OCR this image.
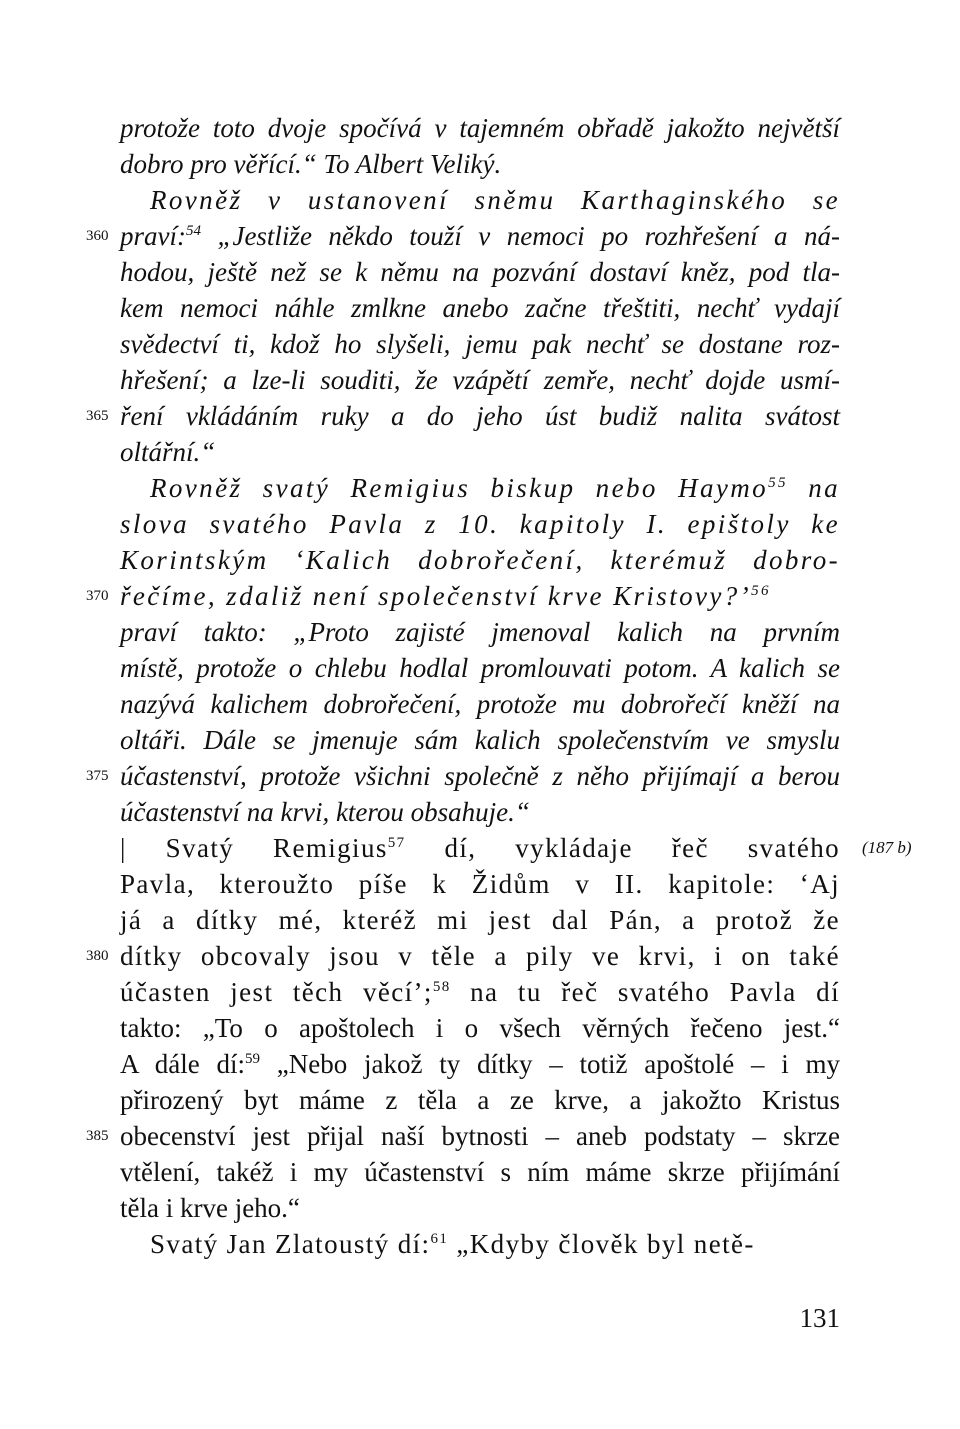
protože toto dvoje spočívá v tajemném obřadě jakožto největší
dobro pro věřící.“ To Albert Veliký.
Rovněž v ustanovení sněmu Karthaginského se
praví:$^{54}$ „Jestliže někdo touží v nemoci po rozhřešení a ná-
hodou, ještě než se k němu na pozvání dostaví kněz, pod tla-
kem nemoci náhle zmlkne anebo začne třeštiti, nechť vydají
svědectví ti, kdož ho slyšeli, jemu pak nechť se dostane roz-
hřešení; a lze-li souditi, že vzápětí zemře, nechť dojde usmí-
ření vkládáním ruky a do jeho úst budiž nalita svátost
oltářní.“
Rovněž svatý Remigius biskup nebo Haymo$^{55}$ na
slova svatého Pavla z 10. kapitoly I. epištoly ke
Korintským ‘Kalich dobrořečení, kterémuž dobro-
řečíme, zdaliž není společenství krve Kristovy?’$^{56}$
praví takto: „Proto zajisté jmenoval kalich na prvním
místě, protože o chlebu hodlal promlouvati potom. A kalich se
nazývá kalichem dobrořečení, protože mu dobrořečí kněží na
oltáři. Dále se jmenuje sám kalich společenstvím ve smyslu
účastenství, protože všichni společně z něho přijímají a berou
účastenství na krvi, kterou obsahuje.“
| Svatý Remigius$^{57}$ dí, vykládaje řeč svatého
Pavla, kteroužto píše k Židům v II. kapitole: ‘Aj
já a dítky mé, kteréž mi jest dal Pán, a protož že
dítky obcovaly jsou v těle a pily ve krvi, i on také
účasten jest těch věcí’;$^{58}$ na tu řeč svatého Pavla dí
takto: „To o apoštolech i o všech věrných řečeno jest.“
A dále dí:$^{59}$ „Nebo jakož ty dítky – totiž apoštolé – i my
přirozený byt máme z těla a ze krve, a jakožto Kristus
obecenství jest přijal naší bytnosti – aneb podstaty – skrze
vtělení, takéž i my účastenství s ním máme skrze přijímání
těla i krve jeho.“
Svatý Jan Zlatoustý dí:$^{61}$ „Kdyby člověk byl netě-
360
365
370
375
380
385
(187 b)
131
